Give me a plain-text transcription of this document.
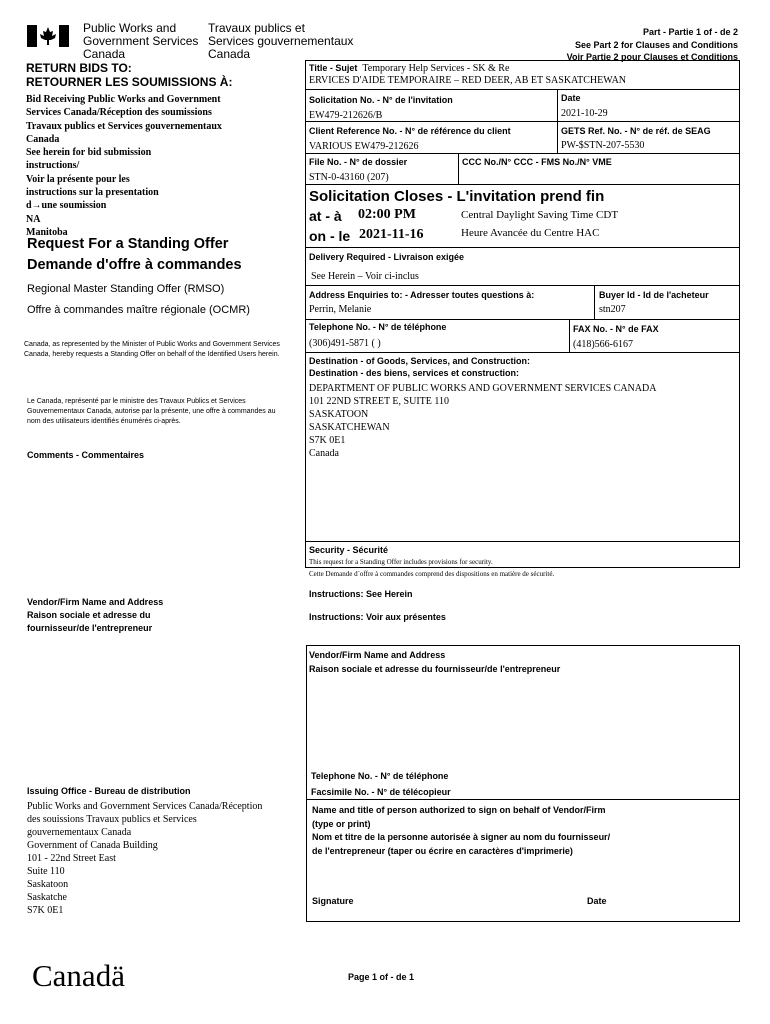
Public Works and
Government Services
Canada
Travaux publics et
Services gouvernementaux
Canada
Part - Partie 1 of - de 2
See Part 2 for Clauses and Conditions
Voir Partie 2 pour Clauses et Conditions
RETURN BIDS TO:
RETOURNER LES SOUMISSIONS À:
Bid Receiving Public Works and Government
Services Canada/Réception des soumissions
Travaux publics et Services gouvernementaux
Canada
See herein for bid submission
instructions/
Voir la présente pour les
instructions sur la presentation
d→une soumission
NA
Manitoba
Request For a Standing Offer
Demande d'offre à commandes
Regional Master Standing Offer (RMSO)
Offre à commandes maître régionale (OCMR)
Canada, as represented by the Minister of Public Works and Government Services Canada, hereby requests a Standing Offer on behalf of the Identified Users herein.
Le Canada, représenté par le ministre des Travaux Publics et Services Gouvernementaux Canada, autorise par la présente, une offre à commandes au nom des utilisateurs identifiés énumérés ci-après.
Comments - Commentaires
Vendor/Firm Name and Address
Raison sociale et adresse du
fournisseur/de l'entrepreneur
Issuing Office - Bureau de distribution
Public Works and Government Services Canada/Réception
des souissions Travaux publics et Services
gouvernementaux Canada
Government of Canada Building
101 - 22nd Street East
Suite 110
Saskatoon
Saskatche
S7K 0E1
Title - Sujet Temporary Help Services - SK & Re
ERVICES D'AIDE TEMPORAIRE – RED DEER, AB ET SASKATCHEWAN
Solicitation No. - N° de l'invitation
EW479-212626/B
Date
2021-10-29
Client Reference No. - N° de référence du client
VARIOUS EW479-212626
GETS Ref. No. - N° de réf. de SEAG
PW-$STN-207-5530
File No. - N° de dossier
STN-0-43160 (207)
CCC No./N° CCC - FMS No./N° VME
Solicitation Closes - L'invitation prend fin
at - à 02:00 PM	Central Daylight Saving Time CDT
on - le 2021-11-16	Heure Avancée du Centre HAC
Delivery Required - Livraison exigée
See Herein – Voir ci-inclus
Address Enquiries to: - Adresser toutes questions à:
Perrin, Melanie
Buyer Id - Id de l'acheteur
stn207
Telephone No. - N° de téléphone
(306)491-5871 ( )
FAX No. - N° de FAX
(418)566-6167
Destination - of Goods, Services, and Construction:
Destination - des biens, services et construction:
DEPARTMENT OF PUBLIC WORKS AND GOVERNMENT SERVICES CANADA
101 22ND STREET E, SUITE 110
SASKATOON
SASKATCHEWAN
S7K 0E1
Canada
Security - Sécurité
This request for a Standing Offer includes provisions for security.
Cette Demande d`offre à commandes comprend des dispositions en matière de sécurité.
Instructions: See Herein
Instructions: Voir aux présentes
Vendor/Firm Name and Address
Raison sociale et adresse du fournisseur/de l'entrepreneur
Telephone No. - N° de téléphone
Facsimile No. - N° de télécopieur
Name and title of person authorized to sign on behalf of Vendor/Firm
(type or print)
Nom et titre de la personne autorisée à signer au nom du fournisseur/
de l'entrepreneur (taper ou écrire en caractères d'imprimerie)
Signature	Date
Canadä	Page 1 of - de 1
